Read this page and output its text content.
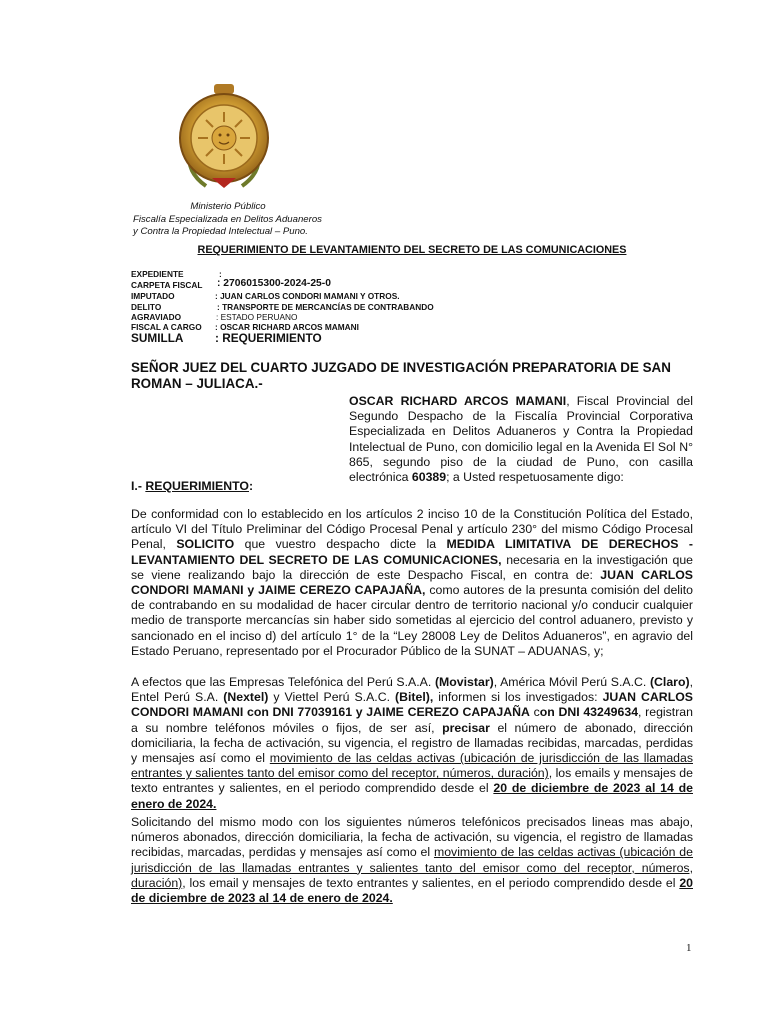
Ministerio Público
Fiscalía Especializada en Delitos Aduaneros
y Contra la Propiedad Intelectual – Puno.
REQUERIMIENTO DE LEVANTAMIENTO DEL SECRETO DE LAS COMUNICACIONES
EXPEDIENTE	:
CARPETA FISCAL : 2706015300-2024-25-0
IMPUTADO	: JUAN CARLOS CONDORI MAMANI Y OTROS.
DELITO	: TRANSPORTE DE MERCANCÍAS DE CONTRABANDO
AGRAVIADO	: ESTADO PERUANO
FISCAL A CARGO : OSCAR RICHARD ARCOS MAMANI
SUMILLA	: REQUERIMIENTO
SEÑOR JUEZ DEL CUARTO JUZGADO DE INVESTIGACIÓN PREPARATORIA DE SAN ROMAN – JULIACA.-
OSCAR RICHARD ARCOS MAMANI, Fiscal Provincial del Segundo Despacho de la Fiscalía Provincial Corporativa Especializada en Delitos Aduaneros y Contra la Propiedad Intelectual de Puno, con domicilio legal en la Avenida El Sol N° 865, segundo piso de la ciudad de Puno, con casilla electrónica 60389; a Usted respetuosamente digo:
I.- REQUERIMIENTO:
De conformidad con lo establecido en los artículos 2 inciso 10 de la Constitución Política del Estado, artículo VI del Título Preliminar del Código Procesal Penal y artículo 230° del mismo Código Procesal Penal, SOLICITO que vuestro despacho dicte la MEDIDA LIMITATIVA DE DERECHOS - LEVANTAMIENTO DEL SECRETO DE LAS COMUNICACIONES, necesaria en la investigación que se viene realizando bajo la dirección de este Despacho Fiscal, en contra de: JUAN CARLOS CONDORI MAMANI y JAIME CEREZO CAPAJAÑA, como autores de la presunta comisión del delito de contrabando en su modalidad de hacer circular dentro de territorio nacional y/o conducir cualquier medio de transporte mercancías sin haber sido sometidas al ejercicio del control aduanero, previsto y sancionado en el inciso d) del artículo 1° de la “Ley 28008 Ley de Delitos Aduaneros”, en agravio del Estado Peruano, representado por el Procurador Público de la SUNAT – ADUANAS, y;
A efectos que las Empresas Telefónica del Perú S.A.A. (Movistar), América Móvil Perú S.A.C. (Claro), Entel Perú S.A. (Nextel) y Viettel Perú S.A.C. (Bitel), informen si los investigados: JUAN CARLOS CONDORI MAMANI con DNI 77039161 y JAIME CEREZO CAPAJAÑA con DNI 43249634, registran a su nombre teléfonos móviles o fijos, de ser así, precisar el número de abonado, dirección domiciliaria, la fecha de activación, su vigencia, el registro de llamadas recibidas, marcadas, perdidas y mensajes así como el movimiento de las celdas activas (ubicación de jurisdicción de las llamadas entrantes y salientes tanto del emisor como del receptor, números, duración), los emails y mensajes de texto entrantes y salientes, en el periodo comprendido desde el 20 de diciembre de 2023 al 14 de enero de 2024.
Solicitando del mismo modo con los siguientes números telefónicos precisados lineas mas abajo, números abonados, dirección domiciliaria, la fecha de activación, su vigencia, el registro de llamadas recibidas, marcadas, perdidas y mensajes así como el movimiento de las celdas activas (ubicación de jurisdicción de las llamadas entrantes y salientes tanto del emisor como del receptor, números, duración), los email y mensajes de texto entrantes y salientes, en el periodo comprendido desde el 20 de diciembre de 2023 al 14 de enero de 2024.
1
